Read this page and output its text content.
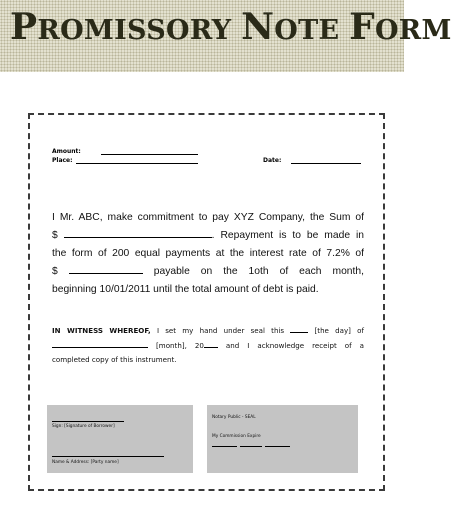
PROMISSORY NOTE FORM
Amount:
Place:	Date:
I Mr. ABC, make commitment to pay XYZ Company, the Sum of
$	. Repayment is to be made in
the form of 200 equal payments at the interest rate of 7.2% of
$	payable on the 1oth of each month,
beginning 10/01/2011 until the total amount of debt is paid.
IN WITNESS WHEREOF, I set my hand under seal this	[the day] of
[month], 20	and I acknowledge receipt of a
completed copy of this instrument.
Sign: [Signature of Borrower]
Name & Address: [Party name]
Notary Public - SEAL
My Commission Expire
